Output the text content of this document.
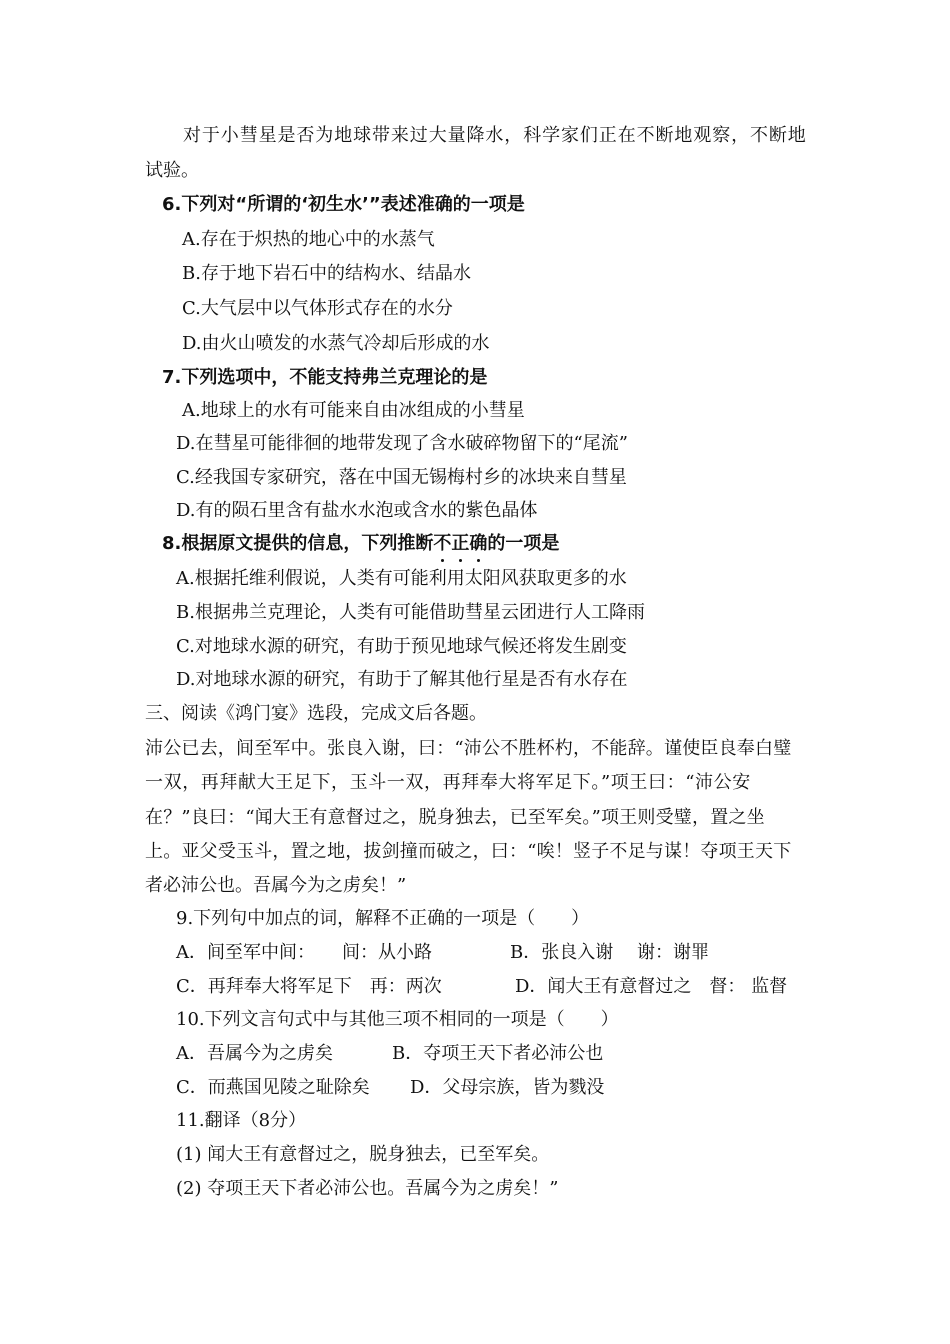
对于小彗星是否为地球带来过大量降水，科学家们正在不断地观察，不断地
试验。
6.下列对“所谓的‘初生水’”表述准确的一项是
A.存在于炽热的地心中的水蒸气
B.存于地下岩石中的结构水、结晶水
C.大气层中以气体形式存在的水分
D.由火山喷发的水蒸气冷却后形成的水
7.下列选项中，不能支持弗兰克理论的是
A.地球上的水有可能来自由冰组成的小彗星
D.在彗星可能徘徊的地带发现了含水破碎物留下的“尾流”
C.经我国专家研究，落在中国无锡梅村乡的冰块来自彗星
D.有的陨石里含有盐水水泡或含水的紫色晶体
8.根据原文提供的信息，下列推断不正确的一项是
A.根据托维利假说，人类有可能利用太阳风获取更多的水
B.根据弗兰克理论，人类有可能借助彗星云团进行人工降雨
C.对地球水源的研究，有助于预见地球气候还将发生剧变
D.对地球水源的研究，有助于了解其他行星是否有水存在
三、阅读《鸿门宴》选段，完成文后各题。
沛公已去，间至军中。张良入谢，曰：“沛公不胜杯杓，不能辞。谨使臣良奉白璧
一双，再拜献大王足下，玉斗一双，再拜奉大将军足下。”项王曰：“沛公安
在？”良曰：“闻大王有意督过之，脱身独去，已至军矣。”项王则受璧，置之坐
上。亚父受玉斗，置之地，拔剑撞而破之，曰：“唉！竖子不足与谋！夺项王天下
者必沛公也。吾属今为之虏矣！”
9.下列句中加点的词，解释不正确的一项是（　　）
A．间至军中间：　　间：从小路	B．张良入谢　 谢：谢罪
C．再拜奉大将军足下　再：两次	D．闻大王有意督过之　督： 监督
10.下列文言句式中与其他三项不相同的一项是（　　）
A．吾属今为之虏矣	B．夺项王天下者必沛公也
C．而燕国见陵之耻除矣 D．父母宗族，皆为戮没
11.翻译（8分）
(1) 闻大王有意督过之，脱身独去，已至军矣。
(2) 夺项王天下者必沛公也。吾属今为之虏矣！”
